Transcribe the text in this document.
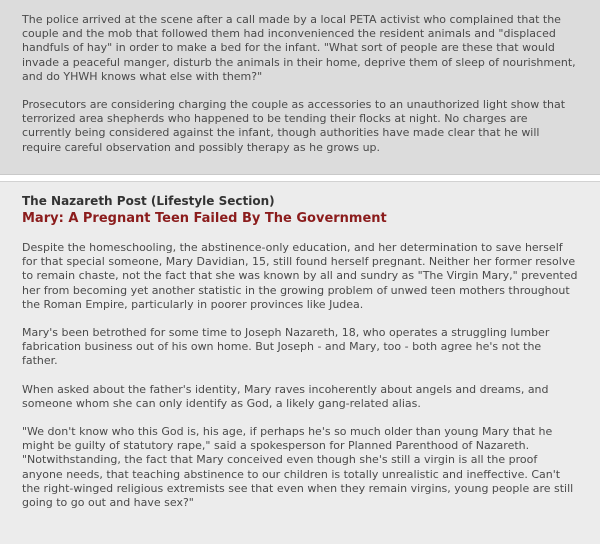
The police arrived at the scene after a call made by a local PETA activist who complained that the couple and the mob that followed them had inconvenienced the resident animals and "displaced handfuls of hay" in order to make a bed for the infant. "What sort of people are these that would invade a peaceful manger, disturb the animals in their home, deprive them of sleep of nourishment, and do YHWH knows what else with them?"

Prosecutors are considering charging the couple as accessories to an unauthorized light show that terrorized area shepherds who happened to be tending their flocks at night. No charges are currently being considered against the infant, though authorities have made clear that he will require careful observation and possibly therapy as he grows up.

The Nazareth Post (Lifestyle Section)
Mary: A Pregnant Teen Failed By The Government

Despite the homeschooling, the abstinence-only education, and her determination to save herself for that special someone, Mary Davidian, 15, still found herself pregnant. Neither her former resolve to remain chaste, not the fact that she was known by all and sundry as "The Virgin Mary," prevented her from becoming yet another statistic in the growing problem of unwed teen mothers throughout the Roman Empire, particularly in poorer provinces like Judea.

Mary's been betrothed for some time to Joseph Nazareth, 18, who operates a struggling lumber fabrication business out of his own home. But Joseph - and Mary, too - both agree he's not the father.

When asked about the father's identity, Mary raves incoherently about angels and dreams, and someone whom she can only identify as God, a likely gang-related alias.

"We don't know who this God is, his age, if perhaps he's so much older than young Mary that he might be guilty of statutory rape," said a spokesperson for Planned Parenthood of Nazareth. "Notwithstanding, the fact that Mary conceived even though she's still a virgin is all the proof anyone needs, that teaching abstinence to our children is totally unrealistic and ineffective. Can't the right-winged religious extremists see that even when they remain virgins, young people are still going to go out and have sex?"
